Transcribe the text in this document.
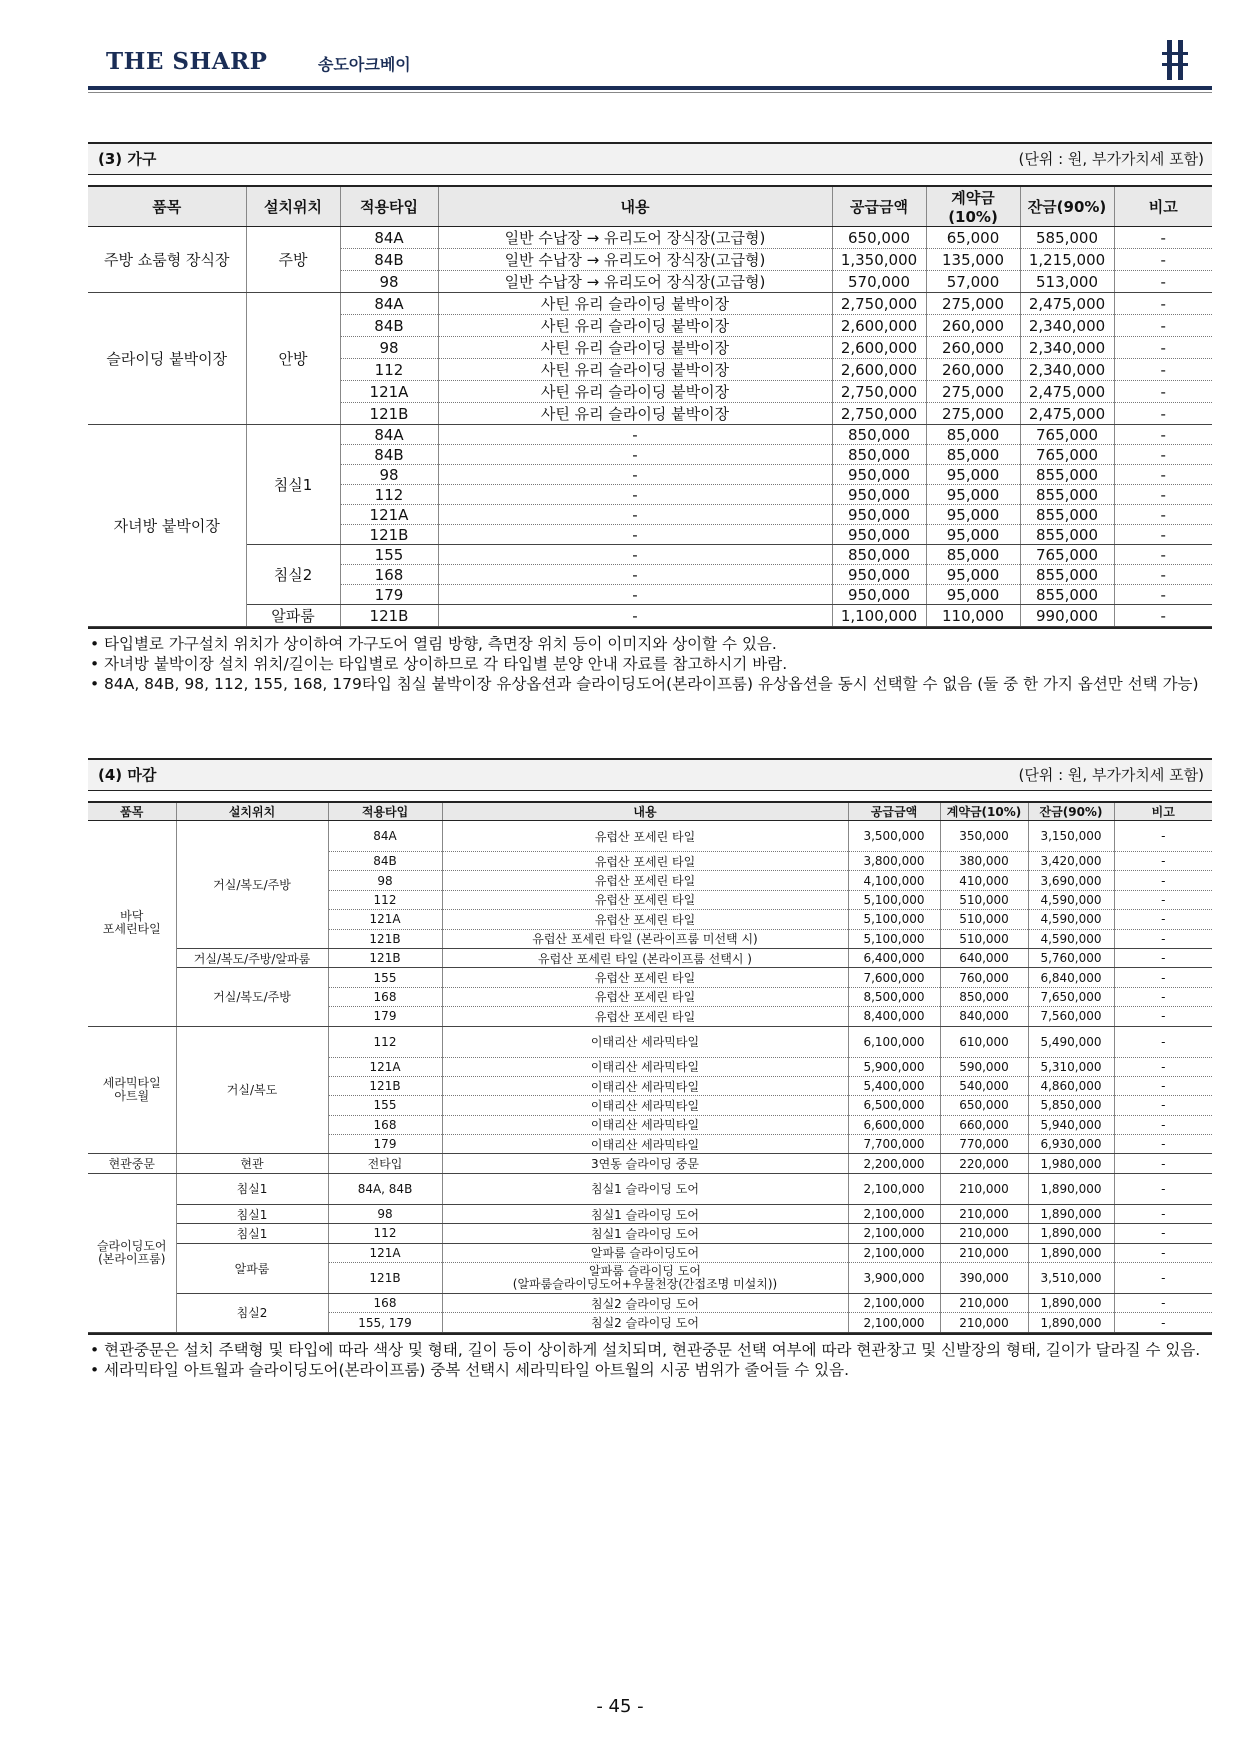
THE SHARP	송도아크베이
(3) 가구	(단위 : 원, 부가가치세 포함)
품목	설치위치	적용타입	내용	공급금액	계약금(10%)	잔금(90%)	비고
주방 쇼룸형 장식장	주방	84A	일반 수납장 → 유리도어 장식장(고급형)	650,000	65,000	585,000	-
		84B	일반 수납장 → 유리도어 장식장(고급형)	1,350,000	135,000	1,215,000	-
		98	일반 수납장 → 유리도어 장식장(고급형)	570,000	57,000	513,000	-
슬라이딩 붙박이장	안방	84A	사틴 유리 슬라이딩 붙박이장	2,750,000	275,000	2,475,000	-
		84B	사틴 유리 슬라이딩 붙박이장	2,600,000	260,000	2,340,000	-
		98	사틴 유리 슬라이딩 붙박이장	2,600,000	260,000	2,340,000	-
		112	사틴 유리 슬라이딩 붙박이장	2,600,000	260,000	2,340,000	-
		121A	사틴 유리 슬라이딩 붙박이장	2,750,000	275,000	2,475,000	-
		121B	사틴 유리 슬라이딩 붙박이장	2,750,000	275,000	2,475,000	-
자녀방 붙박이장	침실1	84A	-	850,000	85,000	765,000	-
		84B	-	850,000	85,000	765,000	-
		98	-	950,000	95,000	855,000	-
		112	-	950,000	95,000	855,000	-
		121A	-	950,000	95,000	855,000	-
		121B	-	950,000	95,000	855,000	-
	침실2	155	-	850,000	85,000	765,000	-
		168	-	950,000	95,000	855,000	-
		179	-	950,000	95,000	855,000	-
	알파룸	121B	-	1,100,000	110,000	990,000	-
• 타입별로 가구설치 위치가 상이하여 가구도어 열림 방향, 측면장 위치 등이 이미지와 상이할 수 있음.
• 자녀방 붙박이장 설치 위치/길이는 타입별로 상이하므로 각 타입별 분양 안내 자료를 참고하시기 바람.
• 84A, 84B, 98, 112, 155, 168, 179타입 침실 붙박이장 유상옵션과 슬라이딩도어(본라이프룸) 유상옵션을 동시 선택할 수 없음 (둘 중 한 가지 옵션만 선택 가능)
(4) 마감	(단위 : 원, 부가가치세 포함)
품목	설치위치	적용타입	내용	공급금액	계약금(10%)	잔금(90%)	비고
바닥
포세린타일	거실/복도/주방	84A	유럽산 포세린 타일	3,500,000	350,000	3,150,000	-
		84B	유럽산 포세린 타일	3,800,000	380,000	3,420,000	-
		98	유럽산 포세린 타일	4,100,000	410,000	3,690,000	-
		112	유럽산 포세린 타일	5,100,000	510,000	4,590,000	-
		121A	유럽산 포세린 타일	5,100,000	510,000	4,590,000	-
		121B	유럽산 포세린 타일 (본라이프룸 미선택 시)	5,100,000	510,000	4,590,000	-
	거실/복도/주방/알파룸	121B	유럽산 포세린 타일 (본라이프룸 선택시 )	6,400,000	640,000	5,760,000	-
	거실/복도/주방	155	유럽산 포세린 타일	7,600,000	760,000	6,840,000	-
		168	유럽산 포세린 타일	8,500,000	850,000	7,650,000	-
		179	유럽산 포세린 타일	8,400,000	840,000	7,560,000	-
세라믹타일
아트월	거실/복도	112	이태리산 세라믹타일	6,100,000	610,000	5,490,000	-
		121A	이태리산 세라믹타일	5,900,000	590,000	5,310,000	-
		121B	이태리산 세라믹타일	5,400,000	540,000	4,860,000	-
		155	이태리산 세라믹타일	6,500,000	650,000	5,850,000	-
		168	이태리산 세라믹타일	6,600,000	660,000	5,940,000	-
		179	이태리산 세라믹타일	7,700,000	770,000	6,930,000	-
현관중문	현관	전타입	3연동 슬라이딩 중문	2,200,000	220,000	1,980,000	-
슬라이딩도어
(본라이프룸)	침실1	84A, 84B	침실1 슬라이딩 도어	2,100,000	210,000	1,890,000	-
	침실1	98	침실1 슬라이딩 도어	2,100,000	210,000	1,890,000	-
	침실1	112	침실1 슬라이딩 도어	2,100,000	210,000	1,890,000	-
	알파룸	121A	알파룸 슬라이딩도어	2,100,000	210,000	1,890,000	-
		121B	알파룸 슬라이딩 도어
(알파룸슬라이딩도어+우물천장(간접조명 미설치))	3,900,000	390,000	3,510,000	-
	침실2	168	침실2 슬라이딩 도어	2,100,000	210,000	1,890,000	-
		155, 179	침실2 슬라이딩 도어	2,100,000	210,000	1,890,000	-
• 현관중문은 설치 주택형 및 타입에 따라 색상 및 형태, 길이 등이 상이하게 설치되며, 현관중문 선택 여부에 따라 현관창고 및 신발장의 형태, 길이가 달라질 수 있음.
• 세라믹타일 아트월과 슬라이딩도어(본라이프룸) 중복 선택시 세라믹타일 아트월의 시공 범위가 줄어들 수 있음.
- 45 -
